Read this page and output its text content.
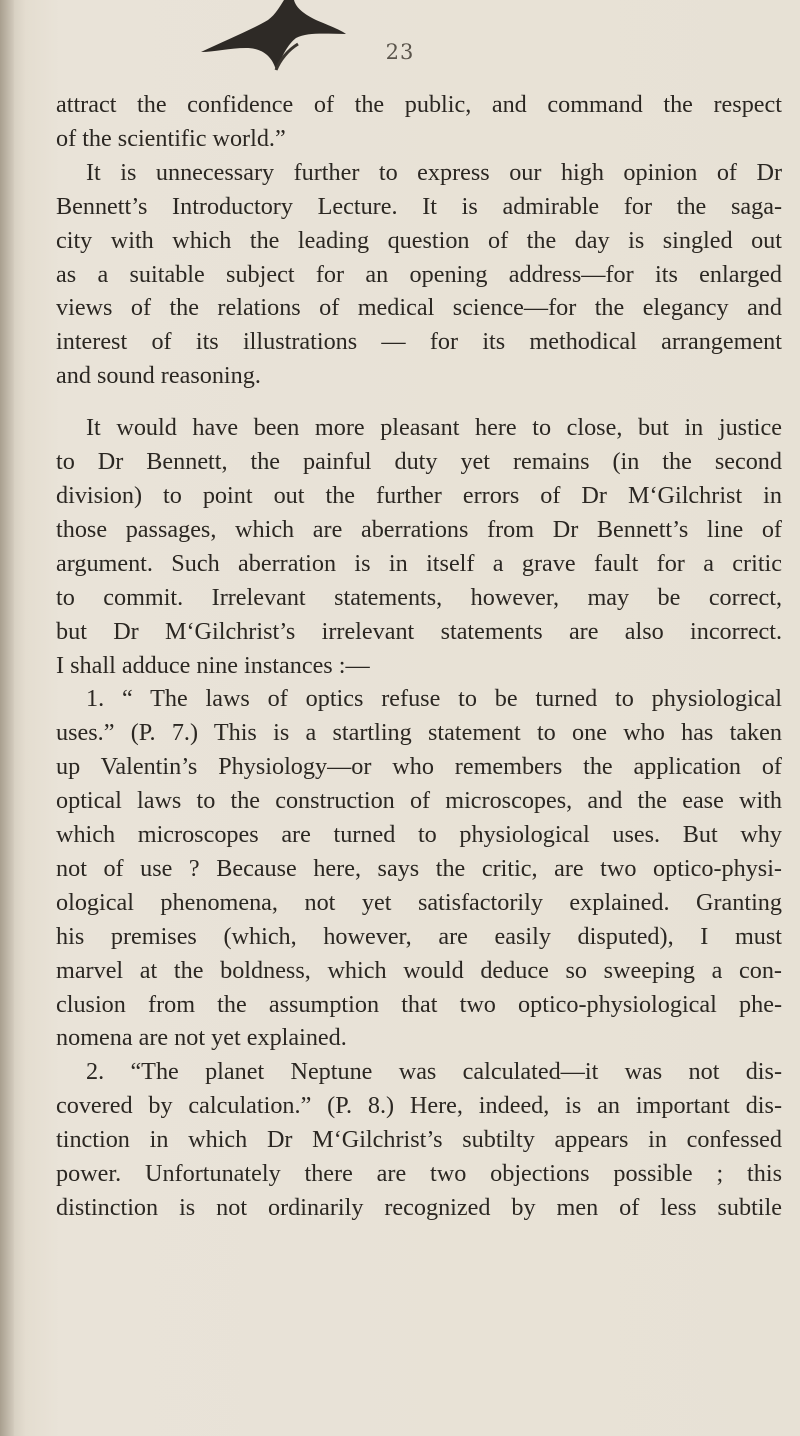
23

attract the confidence of the public, and command the respect
of the scientific world.”

It is unnecessary further to express our high opinion of Dr
Bennett’s Introductory Lecture. It is admirable for the saga-
city with which the leading question of the day is singled out
as a suitable subject for an opening address—for its enlarged
views of the relations of medical science—for the elegancy and
interest of its illustrations — for its methodical arrangement
and sound reasoning.

It would have been more pleasant here to close, but in justice
to Dr Bennett, the painful duty yet remains (in the second
division) to point out the further errors of Dr M‘Gilchrist in
those passages, which are aberrations from Dr Bennett’s line of
argument. Such aberration is in itself a grave fault for a critic
to commit. Irrelevant statements, however, may be correct,
but Dr M‘Gilchrist’s irrelevant statements are also incorrect.
I shall adduce nine instances :—

1. “ The laws of optics refuse to be turned to physiological
uses.” (P. 7.) This is a startling statement to one who has taken
up Valentin’s Physiology—or who remembers the application of
optical laws to the construction of microscopes, and the ease with
which microscopes are turned to physiological uses. But why
not of use ? Because here, says the critic, are two optico-physi-
ological phenomena, not yet satisfactorily explained. Granting
his premises (which, however, are easily disputed), I must
marvel at the boldness, which would deduce so sweeping a con-
clusion from the assumption that two optico-physiological phe-
nomena are not yet explained.

2. “The planet Neptune was calculated—it was not dis-
covered by calculation.” (P. 8.) Here, indeed, is an important dis-
tinction in which Dr M‘Gilchrist’s subtilty appears in confessed
power. Unfortunately there are two objections possible ; this
distinction is not ordinarily recognized by men of less subtile
